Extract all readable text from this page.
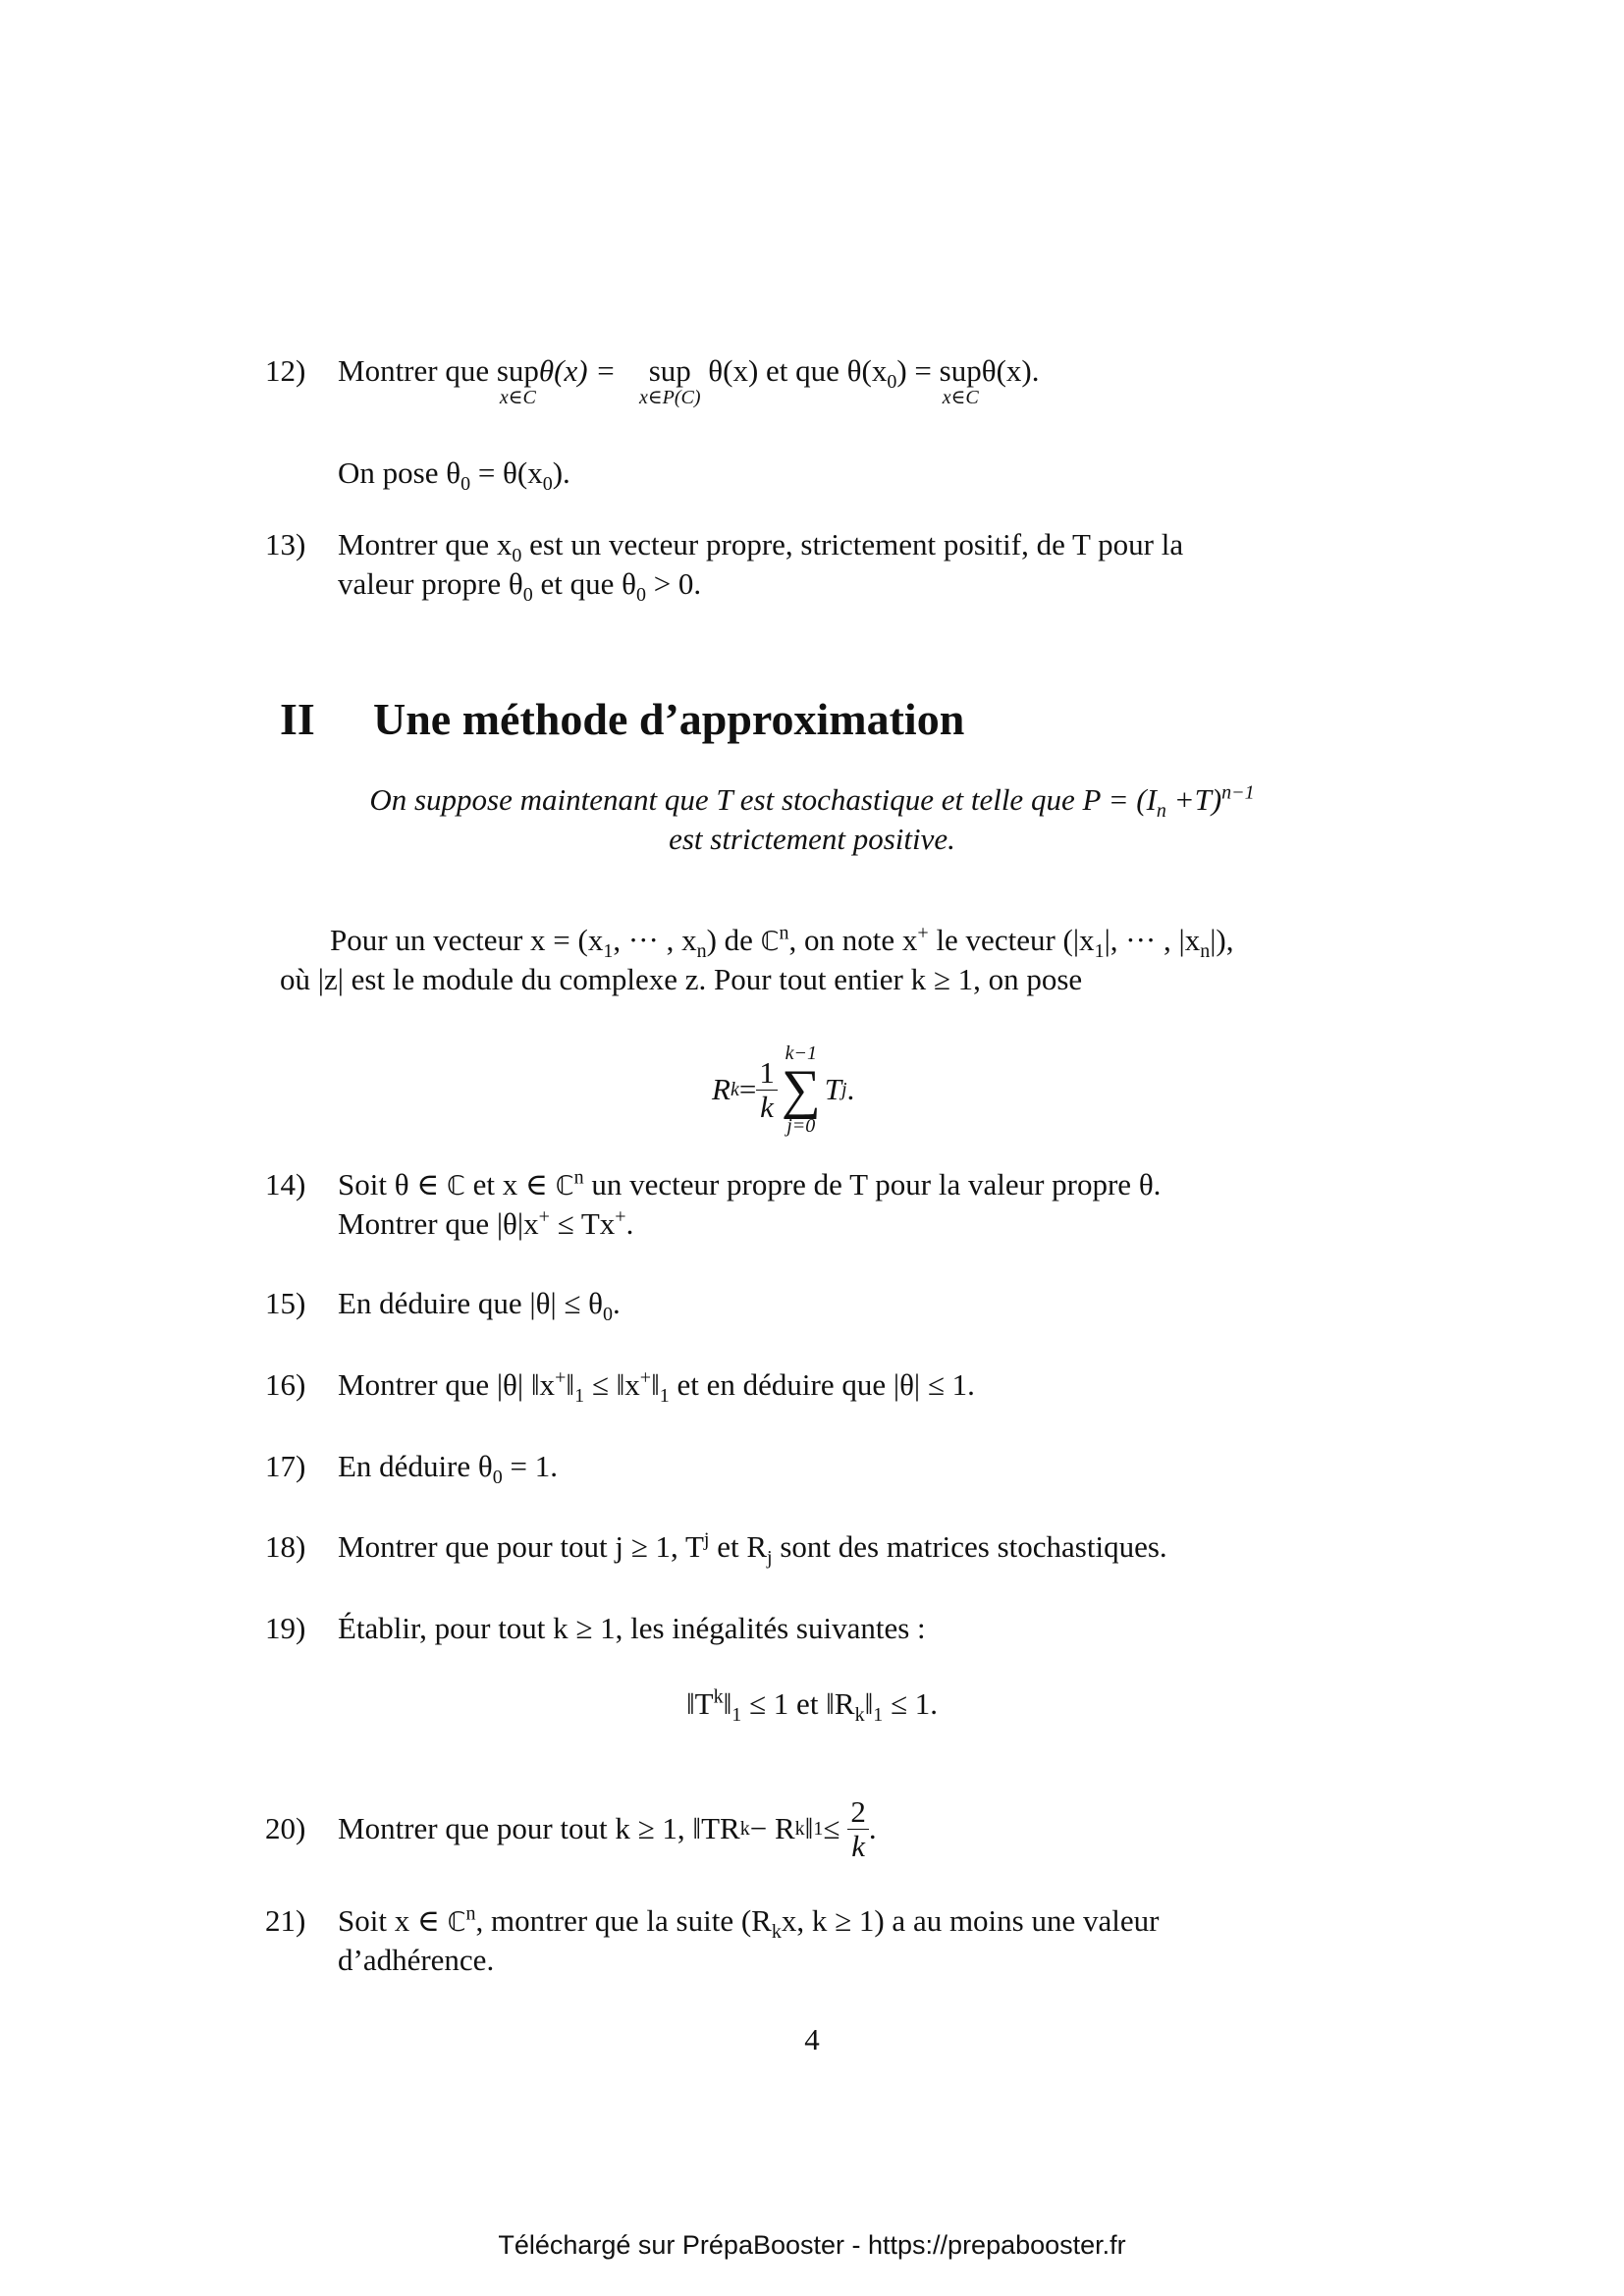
12) Montrer que sup
x∈C
θ(x) = sup
x∈P(C)
θ(x) et que $\theta(x_0)$ = sup
x∈C
θ(x).
On pose $\theta_0 = \theta(x_0)$.
13) Montrer que $x_0$ est un vecteur propre, strictement positif, de T pour la
valeur propre $\theta_0$ et que $\theta_0 > 0$.
II Une méthode d’approximation
On suppose maintenant que T est stochastique et telle que $P = (I_n +T)^{n-1}$
est strictement positive.
Pour un vecteur $x = (x_1$, ··· , $x_n$) de ℂ$^n$, on note x+ le vecteur ($|x_1|$, ··· , $|x_n|$),
où |z| est le module du complexe z. Pour tout entier k ≥ 1, on pose
R $k = \frac{1}{k}$
k−1
∑
j=0
T j .
14) Soit θ ∈ ℂ et x ∈ ℂ$^n$ un vecteur propre de T pour la valeur propre θ.
Montrer que |θ|x+ ≤ Tx+.
15) En déduire que $|\theta| \le \theta_0$.
16) Montrer que |θ| $‖x^+‖_1$ ≤ $‖x^+‖_1$ et en déduire que |θ| ≤ 1.
17) En déduire $\theta_0 = 1$.
18) Montrer que pour tout j ≥ 1, $T^j$ et $R_j$ sont des matrices stochastiques.
19) Établir, pour tout k ≥ 1, les inégalités suivantes :
$‖T^k‖_1 \le 1$ et $‖R_k‖_1 \le 1$.
20) Montrer que pour tout k ≥ 1, ‖TR k − R k ‖ $1 \le \frac{2}{k}$ .
21) Soit x ∈ ℂ$^n$, montrer que la suite ($R_kx$, k ≥ 1) a au moins une valeur
d’adhérence.
4
Téléchargé sur PrépaBooster - https://prepabooster.fr
